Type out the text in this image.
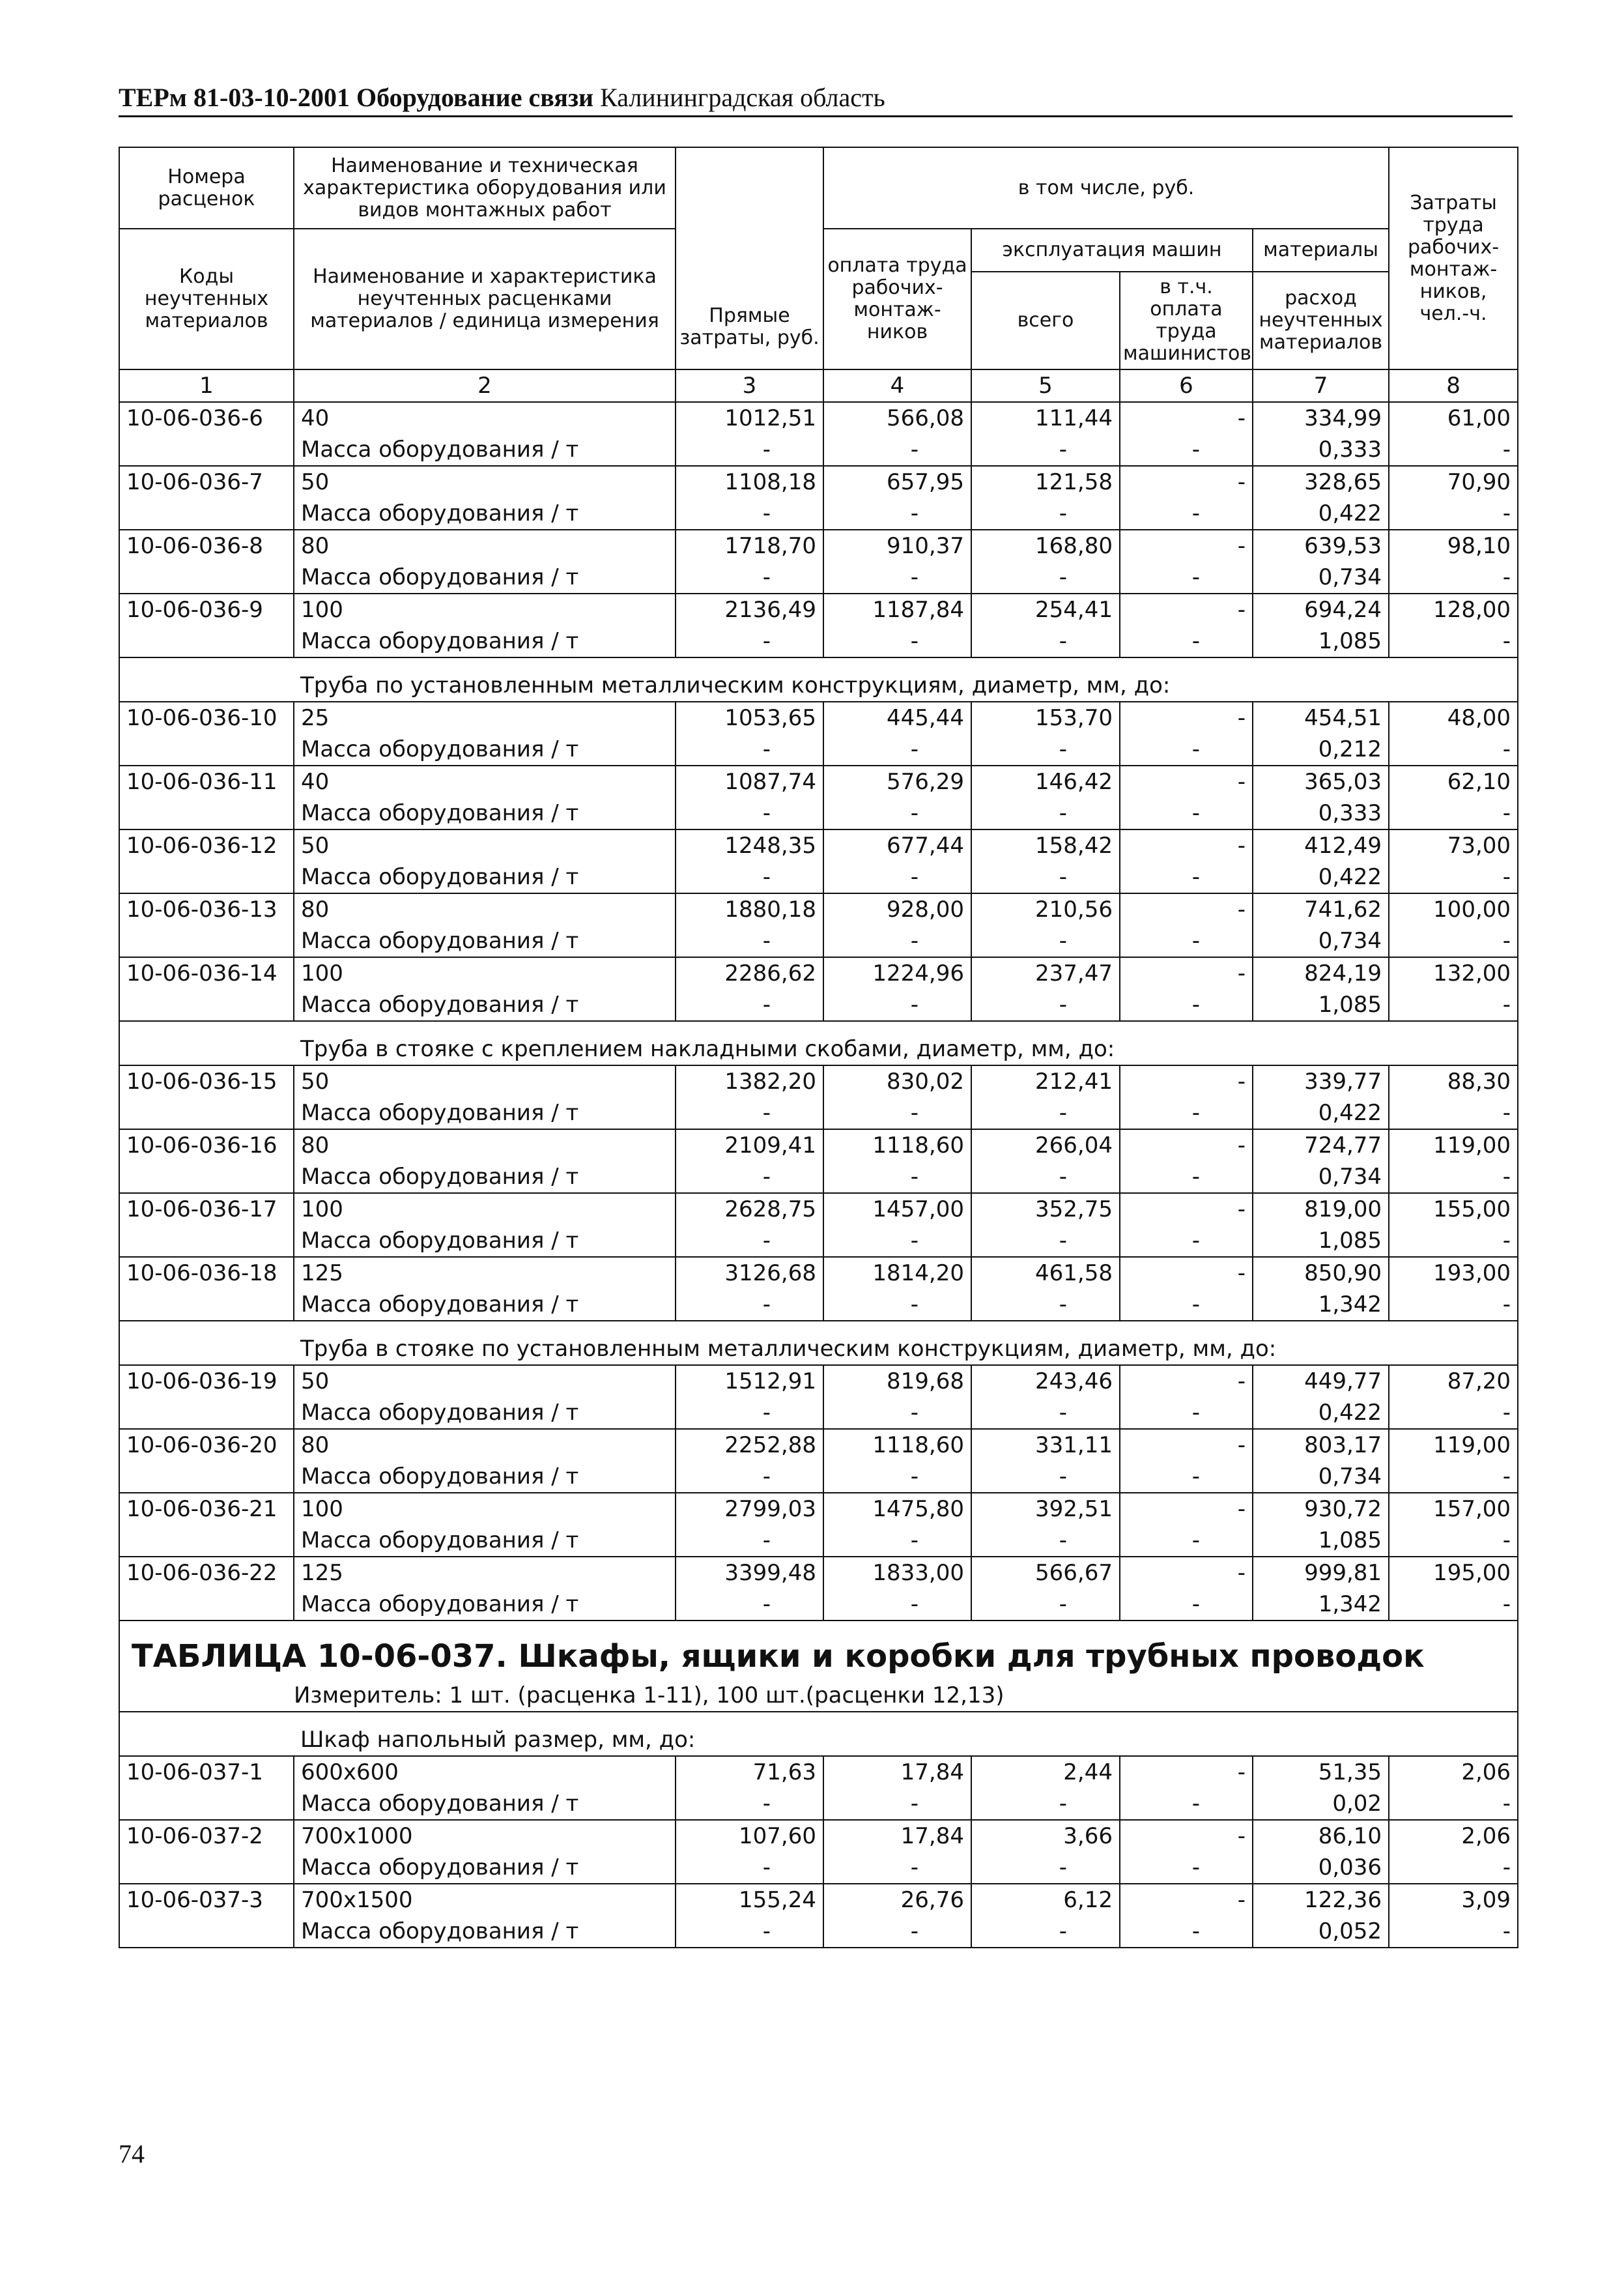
ТЕРм 81-03-10-2001 Оборудование связи Калининградская область
Номера расценок	Наименование и техническая характеристика оборудования или видов монтажных работ	Прямые затраты, руб.	в том числе, руб.				Затраты труда рабочих-монтаж-ников, чел.-ч.
Коды неучтенных материалов	Наименование и характеристика неучтенных расценками материалов / единица измерения		оплата труда рабочих-монтаж-ников	эксплуатация машин		материалы	
				всего	в т.ч. оплата труда машинистов	расход неучтенных материалов	
1	2	3	4	5	6	7	8
10-06-036-6	40	1012,51	566,08	111,44	-	334,99	61,00
	Масса оборудования / т	-	-	-	-	0,333	-
10-06-036-7	50	1108,18	657,95	121,58	-	328,65	70,90
	Масса оборудования / т	-	-	-	-	0,422	-
10-06-036-8	80	1718,70	910,37	168,80	-	639,53	98,10
	Масса оборудования / т	-	-	-	-	0,734	-
10-06-036-9	100	2136,49	1187,84	254,41	-	694,24	128,00
	Масса оборудования / т	-	-	-	-	1,085	-
	Труба по установленным металлическим конструкциям, диаметр, мм, до:						
10-06-036-10	25	1053,65	445,44	153,70	-	454,51	48,00
	Масса оборудования / т	-	-	-	-	0,212	-
10-06-036-11	40	1087,74	576,29	146,42	-	365,03	62,10
	Масса оборудования / т	-	-	-	-	0,333	-
10-06-036-12	50	1248,35	677,44	158,42	-	412,49	73,00
	Масса оборудования / т	-	-	-	-	0,422	-
10-06-036-13	80	1880,18	928,00	210,56	-	741,62	100,00
	Масса оборудования / т	-	-	-	-	0,734	-
10-06-036-14	100	2286,62	1224,96	237,47	-	824,19	132,00
	Масса оборудования / т	-	-	-	-	1,085	-
	Труба в стояке с креплением накладными скобами, диаметр, мм, до:						
10-06-036-15	50	1382,20	830,02	212,41	-	339,77	88,30
	Масса оборудования / т	-	-	-	-	0,422	-
10-06-036-16	80	2109,41	1118,60	266,04	-	724,77	119,00
	Масса оборудования / т	-	-	-	-	0,734	-
10-06-036-17	100	2628,75	1457,00	352,75	-	819,00	155,00
	Масса оборудования / т	-	-	-	-	1,085	-
10-06-036-18	125	3126,68	1814,20	461,58	-	850,90	193,00
	Масса оборудования / т	-	-	-	-	1,342	-
	Труба в стояке по установленным металлическим конструкциям, диаметр, мм, до:						
10-06-036-19	50	1512,91	819,68	243,46	-	449,77	87,20
	Масса оборудования / т	-	-	-	-	0,422	-
10-06-036-20	80	2252,88	1118,60	331,11	-	803,17	119,00
	Масса оборудования / т	-	-	-	-	0,734	-
10-06-036-21	100	2799,03	1475,80	392,51	-	930,72	157,00
	Масса оборудования / т	-	-	-	-	1,085	-
10-06-036-22	125	3399,48	1833,00	566,67	-	999,81	195,00
	Масса оборудования / т	-	-	-	-	1,342	-
ТАБЛИЦА 10-06-037. Шкафы, ящики и коробки для трубных проводок							
	Измеритель: 1 шт. (расценка 1-11), 100 шт.(расценки 12,13)						
	Шкаф напольный размер, мм, до:						
10-06-037-1	600x600	71,63	17,84	2,44	-	51,35	2,06
	Масса оборудования / т	-	-	-	-	0,02	-
10-06-037-2	700x1000	107,60	17,84	3,66	-	86,10	2,06
	Масса оборудования / т	-	-	-	-	0,036	-
10-06-037-3	700x1500	155,24	26,76	6,12	-	122,36	3,09
	Масса оборудования / т	-	-	-	-	0,052	-
74
